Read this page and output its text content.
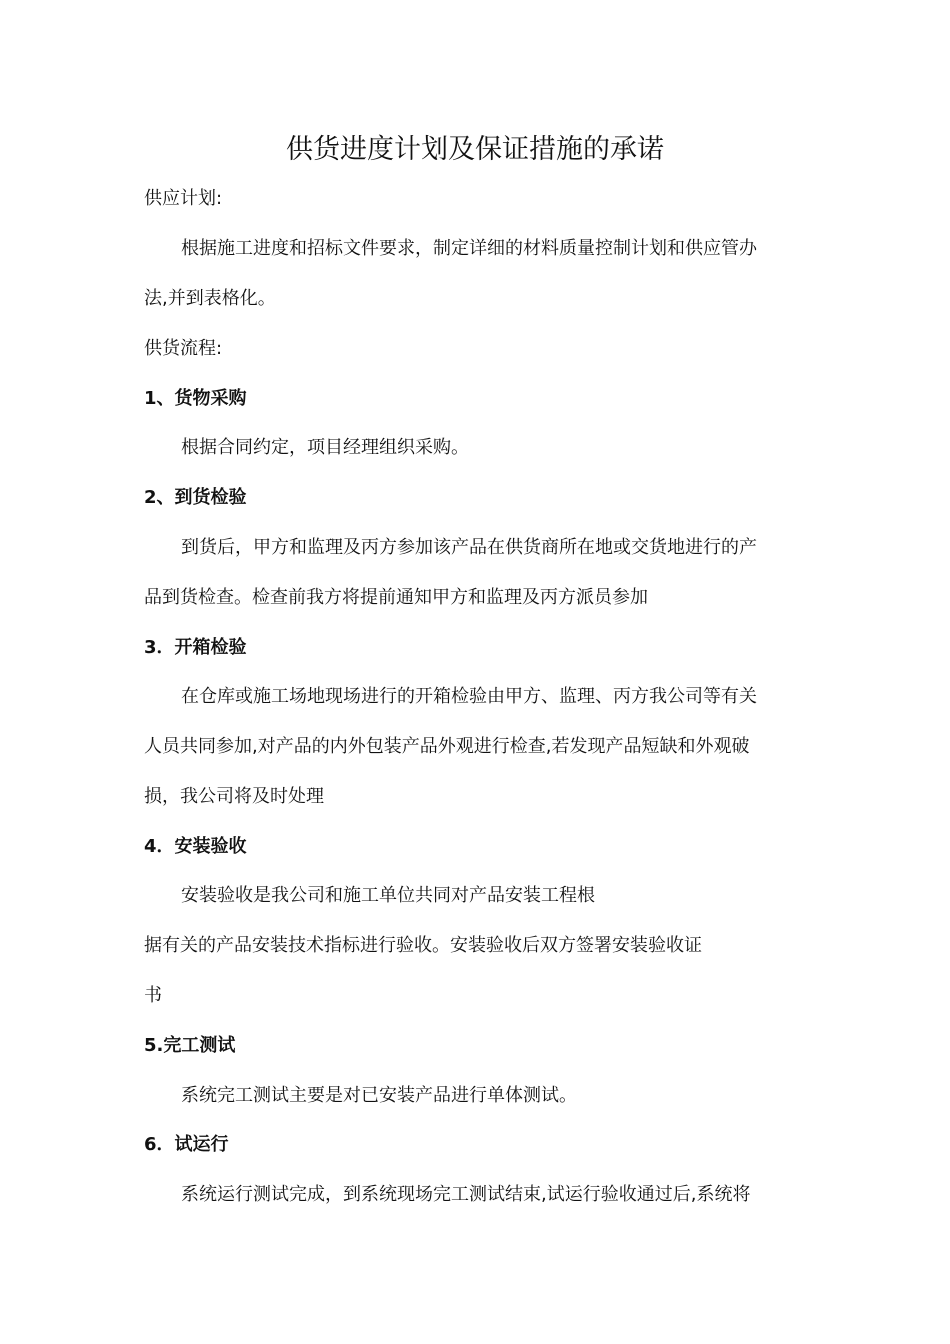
供货进度计划及保证措施的承诺

供应计划:

根据施工进度和招标文件要求，制定详细的材料质量控制计划和供应管办

法,并到表格化。

供货流程:

1、货物采购

根据合同约定，项目经理组织采购。

2、到货检验

到货后，甲方和监理及丙方参加该产品在供货商所在地或交货地进行的产

品到货检查。检查前我方将提前通知甲方和监理及丙方派员参加

3．开箱检验

在仓库或施工场地现场进行的开箱检验由甲方、监理、丙方我公司等有关

人员共同参加,对产品的内外包装产品外观进行检查,若发现产品短缺和外观破

损，我公司将及时处理

4．安装验收

安装验收是我公司和施工单位共同对产品安装工程根

据有关的产品安装技术指标进行验收。安装验收后双方签署安装验收证

书

5.完工测试

系统完工测试主要是对已安装产品进行单体测试。

6．试运行

系统运行测试完成，到系统现场完工测试结束,试运行验收通过后,系统将
